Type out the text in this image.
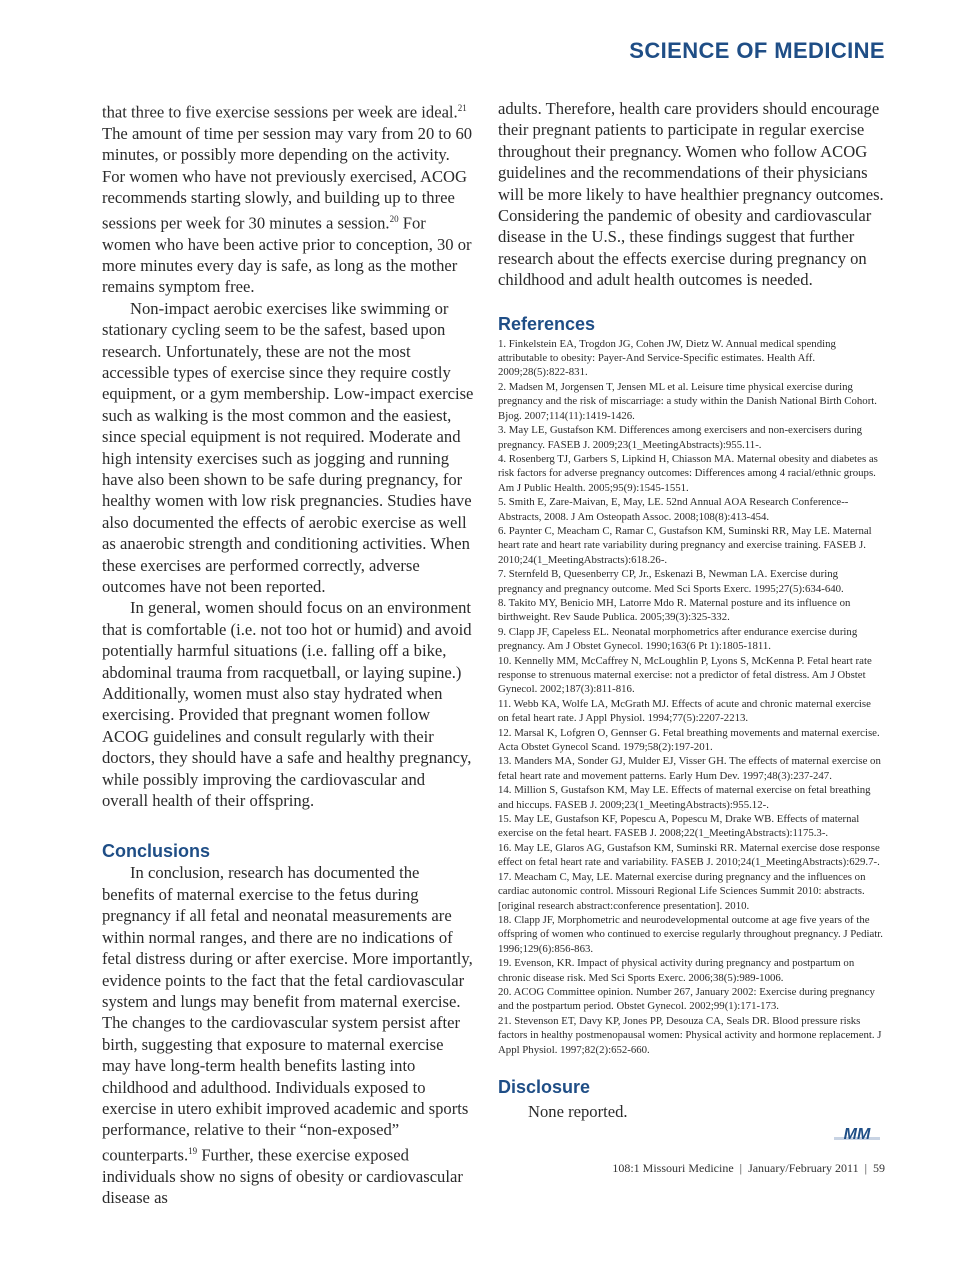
SCIENCE OF MEDICINE

that three to five exercise sessions per week are ideal.$^{21}$ The amount of time per session may vary from 20 to 60 minutes, or possibly more depending on the activity. For women who have not previously exercised, ACOG recommends starting slowly, and building up to three sessions per week for 30 minutes a session.$^{20}$ For women who have been active prior to conception, 30 or more minutes every day is safe, as long as the mother remains symptom free.

Non-impact aerobic exercises like swimming or stationary cycling seem to be the safest, based upon research. Unfortunately, these are not the most accessible types of exercise since they require costly equipment, or a gym membership. Low-impact exercise such as walking is the most common and the easiest, since special equipment is not required. Moderate and high intensity exercises such as jogging and running have also been shown to be safe during pregnancy, for healthy women with low risk pregnancies. Studies have also documented the effects of aerobic exercise as well as anaerobic strength and conditioning activities. When these exercises are performed correctly, adverse outcomes have not been reported.

In general, women should focus on an environment that is comfortable (i.e. not too hot or humid) and avoid potentially harmful situations (i.e. falling off a bike, abdominal trauma from racquetball, or laying supine.) Additionally, women must also stay hydrated when exercising. Provided that pregnant women follow ACOG guidelines and consult regularly with their doctors, they should have a safe and healthy pregnancy, while possibly improving the cardiovascular and overall health of their offspring.

Conclusions

In conclusion, research has documented the benefits of maternal exercise to the fetus during pregnancy if all fetal and neonatal measurements are within normal ranges, and there are no indications of fetal distress during or after exercise. More importantly, evidence points to the fact that the fetal cardiovascular system and lungs may benefit from maternal exercise. The changes to the cardiovascular system persist after birth, suggesting that exposure to maternal exercise may have long-term health benefits lasting into childhood and adulthood. Individuals exposed to exercise in utero exhibit improved academic and sports performance, relative to their “non-exposed” counterparts.$^{19}$ Further, these exercise exposed individuals show no signs of obesity or cardiovascular disease as

adults. Therefore, health care providers should encourage their pregnant patients to participate in regular exercise throughout their pregnancy. Women who follow ACOG guidelines and the recommendations of their physicians will be more likely to have healthier pregnancy outcomes. Considering the pandemic of obesity and cardiovascular disease in the U.S., these findings suggest that further research about the effects exercise during pregnancy on childhood and adult health outcomes is needed.

References

1. Finkelstein EA, Trogdon JG, Cohen JW, Dietz W. Annual medical spending attributable to obesity: Payer-And Service-Specific estimates. Health Aff. 2009;28(5):822-831.

2. Madsen M, Jorgensen T, Jensen ML et al. Leisure time physical exercise during pregnancy and the risk of miscarriage: a study within the Danish National Birth Cohort. Bjog. 2007;114(11):1419-1426.

3. May LE, Gustafson KM. Differences among exercisers and non-exercisers during pregnancy. FASEB J. 2009;23(1_MeetingAbstracts):955.11-.

4. Rosenberg TJ, Garbers S, Lipkind H, Chiasson MA. Maternal obesity and diabetes as risk factors for adverse pregnancy outcomes: Differences among 4 racial/ethnic groups. Am J Public Health. 2005;95(9):1545-1551.

5. Smith E, Zare-Maivan, E, May, LE. 52nd Annual AOA Research Conference--Abstracts, 2008. J Am Osteopath Assoc. 2008;108(8):413-454.

6. Paynter C, Meacham C, Ramar C, Gustafson KM, Suminski RR, May LE. Maternal heart rate and heart rate variability during pregnancy and exercise training. FASEB J. 2010;24(1_MeetingAbstracts):618.26-.

7. Sternfeld B, Quesenberry CP, Jr., Eskenazi B, Newman LA. Exercise during pregnancy and pregnancy outcome. Med Sci Sports Exerc. 1995;27(5):634-640.

8. Takito MY, Benicio MH, Latorre Mdo R. Maternal posture and its influence on birthweight. Rev Saude Publica. 2005;39(3):325-332.

9. Clapp JF, Capeless EL. Neonatal morphometrics after endurance exercise during pregnancy. Am J Obstet Gynecol. 1990;163(6 Pt 1):1805-1811.

10. Kennelly MM, McCaffrey N, McLoughlin P, Lyons S, McKenna P. Fetal heart rate response to strenuous maternal exercise: not a predictor of fetal distress. Am J Obstet Gynecol. 2002;187(3):811-816.

11. Webb KA, Wolfe LA, McGrath MJ. Effects of acute and chronic maternal exercise on fetal heart rate. J Appl Physiol. 1994;77(5):2207-2213.

12. Marsal K, Lofgren O, Gennser G. Fetal breathing movements and maternal exercise. Acta Obstet Gynecol Scand. 1979;58(2):197-201.

13. Manders MA, Sonder GJ, Mulder EJ, Visser GH. The effects of maternal exercise on fetal heart rate and movement patterns. Early Hum Dev. 1997;48(3):237-247.

14. Million S, Gustafson KM, May LE. Effects of maternal exercise on fetal breathing and hiccups. FASEB J. 2009;23(1_MeetingAbstracts):955.12-.

15. May LE, Gustafson KF, Popescu A, Popescu M, Drake WB. Effects of maternal exercise on the fetal heart. FASEB J. 2008;22(1_MeetingAbstracts):1175.3-.

16. May LE, Glaros AG, Gustafson KM, Suminski RR. Maternal exercise dose response effect on fetal heart rate and variability. FASEB J. 2010;24(1_MeetingAbstracts):629.7-.

17. Meacham C, May, LE. Maternal exercise during pregnancy and the influences on cardiac autonomic control. Missouri Regional Life Sciences Summit 2010: abstracts. [original research abstract:conference presentation]. 2010.

18. Clapp JF, Morphometric and neurodevelopmental outcome at age five years of the offspring of women who continued to exercise regularly throughout pregnancy. J Pediatr. 1996;129(6):856-863.

19. Evenson, KR. Impact of physical activity during pregnancy and postpartum on chronic disease risk. Med Sci Sports Exerc. 2006;38(5):989-1006.

20. ACOG Committee opinion. Number 267, January 2002: Exercise during pregnancy and the postpartum period. Obstet Gynecol. 2002;99(1):171-173.

21. Stevenson ET, Davy KP, Jones PP, Desouza CA, Seals DR. Blood pressure risks factors in healthy postmenopausal women: Physical activity and hormone replacement. J Appl Physiol. 1997;82(2):652-660.

Disclosure

None reported.

MM
108:1 Missouri Medicine | January/February 2011 | 59
